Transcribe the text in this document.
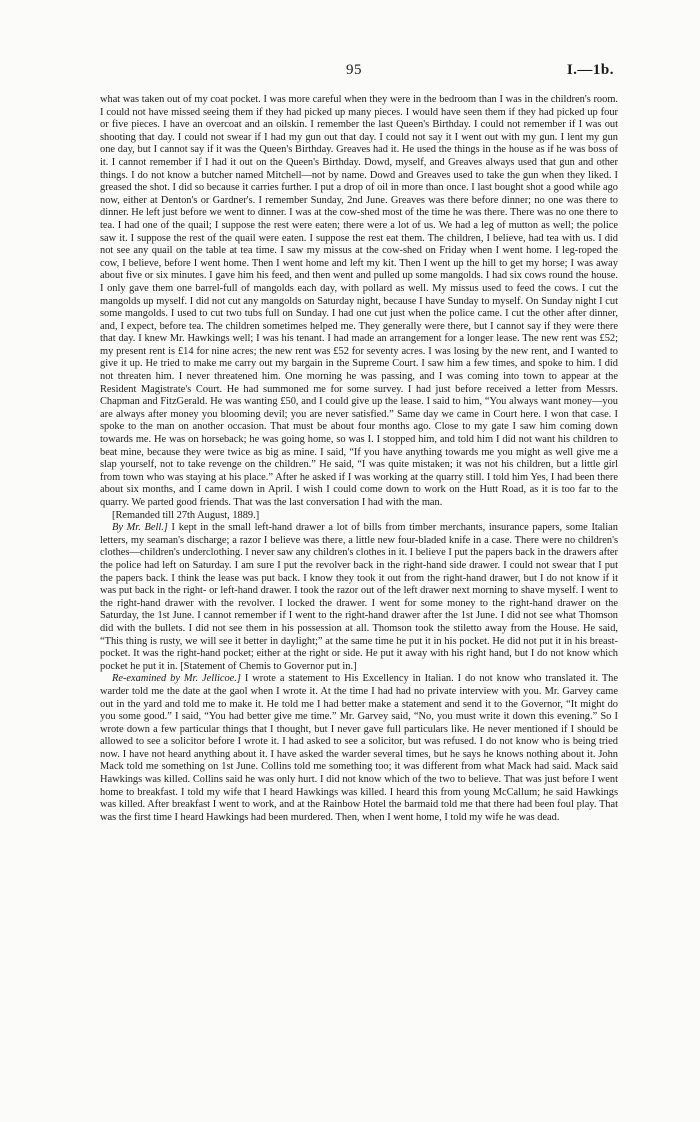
95	I.—1b.

what was taken out of my coat pocket. I was more careful when they were in the bedroom than I was in the children's room. I could not have missed seeing them if they had picked up many pieces. I would have seen them if they had picked up four or five pieces. I have an overcoat and an oilskin. I remember the last Queen's Birthday. I could not remember if I was out shooting that day. I could not swear if I had my gun out that day. I could not say it I went out with my gun. I lent my gun one day, but I cannot say if it was the Queen's Birthday. Greaves had it. He used the things in the house as if he was boss of it. I cannot remember if I had it out on the Queen's Birthday. Dowd, myself, and Greaves always used that gun and other things. I do not know a butcher named Mitchell—not by name. Dowd and Greaves used to take the gun when they liked. I greased the shot. I did so because it carries further. I put a drop of oil in more than once. I last bought shot a good while ago now, either at Denton's or Gardner's. I remember Sunday, 2nd June. Greaves was there before dinner; no one was there to dinner. He left just before we went to dinner. I was at the cow-shed most of the time he was there. There was no one there to tea. I had one of the quail; I suppose the rest were eaten; there were a lot of us. We had a leg of mutton as well; the police saw it. I suppose the rest of the quail were eaten. I suppose the rest eat them. The children, I believe, had tea with us. I did not see any quail on the table at tea time. I saw my missus at the cow-shed on Friday when I went home. I leg-roped the cow, I believe, before I went home. Then I went home and left my kit. Then I went up the hill to get my horse; I was away about five or six minutes. I gave him his feed, and then went and pulled up some mangolds. I had six cows round the house. I only gave them one barrel-full of mangolds each day, with pollard as well. My missus used to feed the cows. I cut the mangolds up myself. I did not cut any mangolds on Saturday night, because I have Sunday to myself. On Sunday night I cut some mangolds. I used to cut two tubs full on Sunday. I had one cut just when the police came. I cut the other after dinner, and, I expect, before tea. The children sometimes helped me. They generally were there, but I cannot say if they were there that day. I knew Mr. Hawkings well; I was his tenant. I had made an arrangement for a longer lease. The new rent was £52; my present rent is £14 for nine acres; the new rent was £52 for seventy acres. I was losing by the new rent, and I wanted to give it up. He tried to make me carry out my bargain in the Supreme Court. I saw him a few times, and spoke to him. I did not threaten him. I never threatened him. One morning he was passing, and I was coming into town to appear at the Resident Magistrate's Court. He had summoned me for some survey. I had just before received a letter from Messrs. Chapman and FitzGerald. He was wanting £50, and I could give up the lease. I said to him, “You always want money—you are always after money you blooming devil; you are never satisfied.” Same day we came in Court here. I won that case. I spoke to the man on another occasion. That must be about four months ago. Close to my gate I saw him coming down towards me. He was on horseback; he was going home, so was I. I stopped him, and told him I did not want his children to beat mine, because they were twice as big as mine. I said, “If you have anything towards me you might as well give me a slap yourself, not to take revenge on the children.” He said, “I was quite mistaken; it was not his children, but a little girl from town who was staying at his place.” After he asked if I was working at the quarry still. I told him Yes, I had been there about six months, and I came down in April. I wish I could come down to work on the Hutt Road, as it is too far to the quarry. We parted good friends. That was the last conversation I had with the man.

[Remanded till 27th August, 1889.]

By Mr. Bell.] I kept in the small left-hand drawer a lot of bills from timber merchants, insurance papers, some Italian letters, my seaman's discharge; a razor I believe was there, a little new four-bladed knife in a case. There were no children's clothes—children's underclothing. I never saw any children's clothes in it. I believe I put the papers back in the drawers after the police had left on Saturday. I am sure I put the revolver back in the right-hand side drawer. I could not swear that I put the papers back. I think the lease was put back. I know they took it out from the right-hand drawer, but I do not know if it was put back in the right- or left-hand drawer. I took the razor out of the left drawer next morning to shave myself. I went to the right-hand drawer with the revolver. I locked the drawer. I went for some money to the right-hand drawer on the Saturday, the 1st June. I cannot remember if I went to the right-hand drawer after the 1st June. I did not see what Thomson did with the bullets. I did not see them in his possession at all. Thomson took the stiletto away from the House. He said, “This thing is rusty, we will see it better in daylight;” at the same time he put it in his pocket. He did not put it in his breast-pocket. It was the right-hand pocket; either at the right or side. He put it away with his right hand, but I do not know which pocket he put it in. [Statement of Chemis to Governor put in.]

Re-examined by Mr. Jellicoe.] I wrote a statement to His Excellency in Italian. I do not know who translated it. The warder told me the date at the gaol when I wrote it. At the time I had had no private interview with you. Mr. Garvey came out in the yard and told me to make it. He told me I had better make a statement and send it to the Governor, “It might do you some good.” I said, “You had better give me time.” Mr. Garvey said, “No, you must write it down this evening.” So I wrote down a few particular things that I thought, but I never gave full particulars like. He never mentioned if I should be allowed to see a solicitor before I wrote it. I had asked to see a solicitor, but was refused. I do not know who is being tried now. I have not heard anything about it. I have asked the warder several times, but he says he knows nothing about it. John Mack told me something on 1st June. Collins told me something too; it was different from what Mack had said. Mack said Hawkings was killed. Collins said he was only hurt. I did not know which of the two to believe. That was just before I went home to breakfast. I told my wife that I heard Hawkings was killed. I heard this from young McCallum; he said Hawkings was killed. After breakfast I went to work, and at the Rainbow Hotel the barmaid told me that there had been foul play. That was the first time I heard Hawkings had been murdered. Then, when I went home, I told my wife he was dead.
